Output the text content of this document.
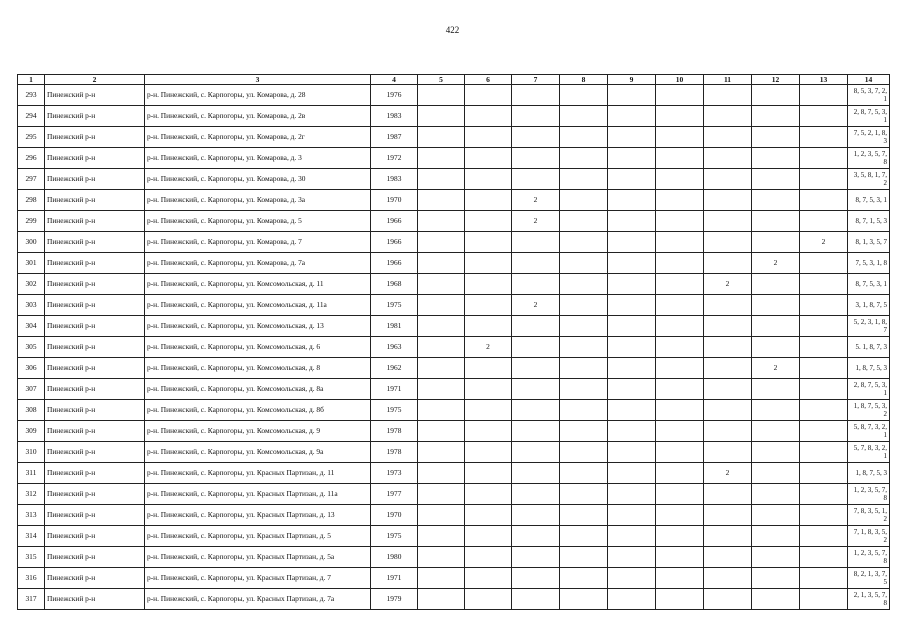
422
1	2	3	4	5	6	7	8	9	10	11	12	13	14
293	Пинежский р-н	р-н. Пинежский, с. Карпогоры, ул. Комарова, д. 28	1976										8, 5, 3, 7, 2, 1
294	Пинежский р-н	р-н. Пинежский, с. Карпогоры, ул. Комарова, д. 2в	1983										2, 8, 7, 5, 3, 1
295	Пинежский р-н	р-н. Пинежский, с. Карпогоры, ул. Комарова, д. 2г	1987										7, 5, 2, 1, 8, 3
296	Пинежский р-н	р-н. Пинежский, с. Карпогоры, ул. Комарова, д. 3	1972										1, 2, 3, 5, 7, 8
297	Пинежский р-н	р-н. Пинежский, с. Карпогоры, ул. Комарова, д. 30	1983										3, 5, 8, 1, 7, 2
298	Пинежский р-н	р-н. Пинежский, с. Карпогоры, ул. Комарова, д. 3а	1970			2							8, 7, 5, 3, 1
299	Пинежский р-н	р-н. Пинежский, с. Карпогоры, ул. Комарова, д. 5	1966			2							8, 7, 1, 5, 3
300	Пинежский р-н	р-н. Пинежский, с. Карпогоры, ул. Комарова, д. 7	1966									2	8, 1, 3, 5, 7
301	Пинежский р-н	р-н. Пинежский, с. Карпогоры, ул. Комарова, д. 7а	1966								2		7, 5, 3, 1, 8
302	Пинежский р-н	р-н. Пинежский, с. Карпогоры, ул. Комсомольская, д. 11	1968							2			8, 7, 5, 3, 1
303	Пинежский р-н	р-н. Пинежский, с. Карпогоры, ул. Комсомольская, д. 11а	1975			2							3, 1, 8, 7, 5
304	Пинежский р-н	р-н. Пинежский, с. Карпогоры, ул. Комсомольская, д. 13	1981										5, 2, 3, 1, 8, 7
305	Пинежский р-н	р-н. Пинежский, с. Карпогоры, ул. Комсомольская, д. 6	1963		2								5. 1, 8, 7, 3
306	Пинежский р-н	р-н. Пинежский, с. Карпогоры, ул. Комсомольская, д. 8	1962								2		1, 8, 7, 5, 3
307	Пинежский р-н	р-н. Пинежский, с. Карпогоры, ул. Комсомольская, д. 8а	1971										2, 8, 7, 5, 3, 1
308	Пинежский р-н	р-н. Пинежский, с. Карпогоры, ул. Комсомольская, д. 8б	1975										1, 8, 7, 5, 3, 2
309	Пинежский р-н	р-н. Пинежский, с. Карпогоры, ул. Комсомольская, д. 9	1978										5, 8, 7, 3, 2, 1
310	Пинежский р-н	р-н. Пинежский, с. Карпогоры, ул. Комсомольская, д. 9а	1978										5, 7, 8, 3, 2, 1
311	Пинежский р-н	р-н. Пинежский, с. Карпогоры, ул. Красных Партизан, д. 11	1973							2			1, 8, 7, 5, 3
312	Пинежский р-н	р-н. Пинежский, с. Карпогоры, ул. Красных Партизан, д. 11а	1977										1, 2, 3, 5, 7, 8
313	Пинежский р-н	р-н. Пинежский, с. Карпогоры, ул. Красных Партизан, д. 13	1970										7, 8, 3, 5, 1, 2
314	Пинежский р-н	р-н. Пинежский, с. Карпогоры, ул. Красных Партизан, д. 5	1975										7, 1, 8, 3, 5, 2
315	Пинежский р-н	р-н. Пинежский, с. Карпогоры, ул. Красных Партизан, д. 5а	1980										1, 2, 3, 5, 7, 8
316	Пинежский р-н	р-н. Пинежский, с. Карпогоры, ул. Красных Партизан, д. 7	1971										8, 2, 1, 3, 7, 5
317	Пинежский р-н	р-н. Пинежский, с. Карпогоры, ул. Красных Партизан, д. 7а	1979										2, 1, 3, 5, 7, 8
